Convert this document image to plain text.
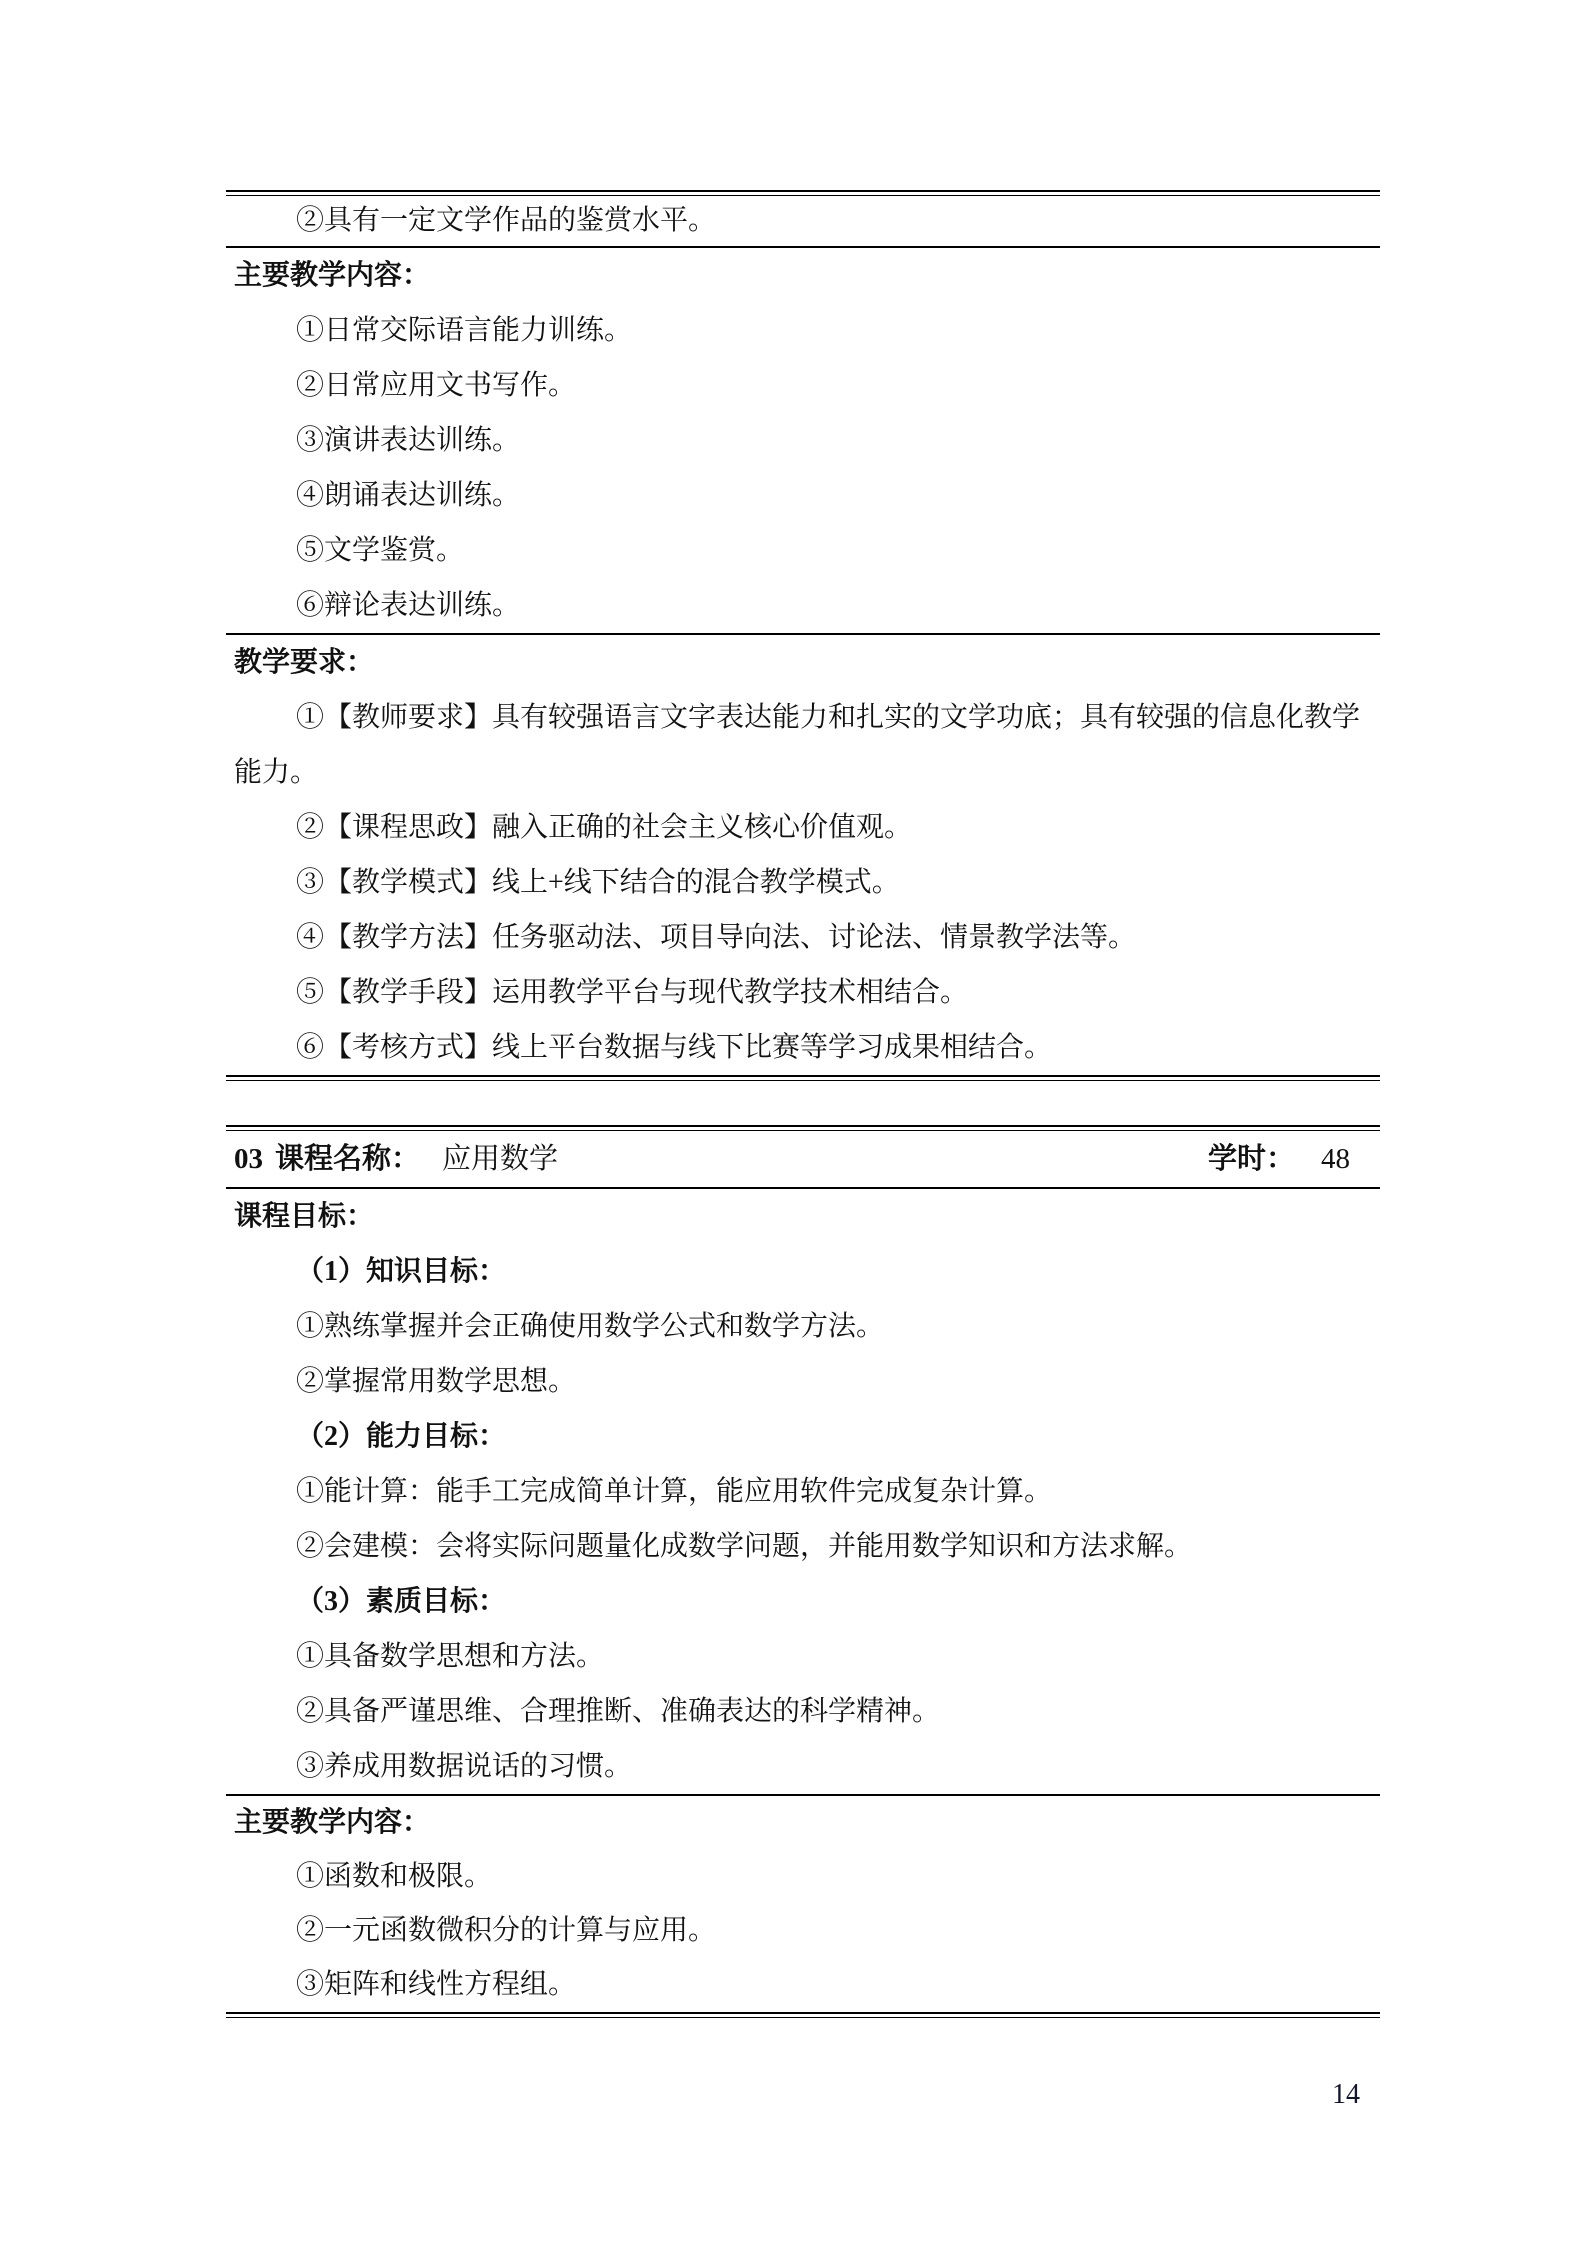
②具有一定文学作品的鉴赏水平。
主要教学内容：
①日常交际语言能力训练。
②日常应用文书写作。
③演讲表达训练。
④朗诵表达训练。
⑤文学鉴赏。
⑥辩论表达训练。
教学要求：
①【教师要求】具有较强语言文字表达能力和扎实的文学功底；具有较强的信息化教学
能力。
②【课程思政】融入正确的社会主义核心价值观。
③【教学模式】线上+线下结合的混合教学模式。
④【教学方法】任务驱动法、项目导向法、讨论法、情景教学法等。
⑤【教学手段】运用教学平台与现代教学技术相结合。
⑥【考核方式】线上平台数据与线下比赛等学习成果相结合。
03 课程名称： 应用数学	学时： 48
课程目标：
（1）知识目标：
①熟练掌握并会正确使用数学公式和数学方法。
②掌握常用数学思想。
（2）能力目标：
①能计算：能手工完成简单计算，能应用软件完成复杂计算。
②会建模：会将实际问题量化成数学问题，并能用数学知识和方法求解。
（3）素质目标：
①具备数学思想和方法。
②具备严谨思维、合理推断、准确表达的科学精神。
③养成用数据说话的习惯。
主要教学内容：
①函数和极限。
②一元函数微积分的计算与应用。
③矩阵和线性方程组。
14
